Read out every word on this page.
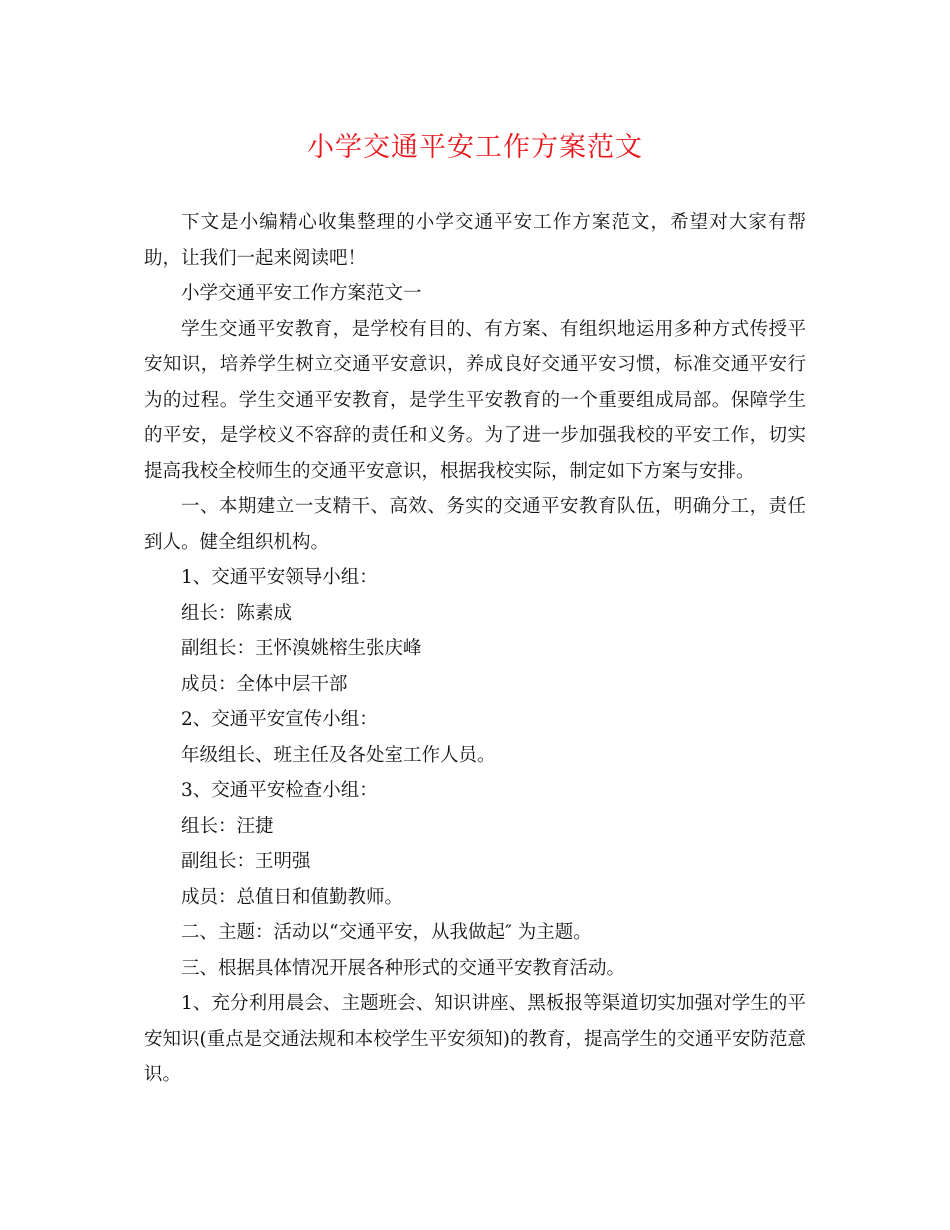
小学交通平安工作方案范文

下文是小编精心收集整理的小学交通平安工作方案范文，希望对大家有帮助，让我们一起来阅读吧！

小学交通平安工作方案范文一

学生交通平安教育，是学校有目的、有方案、有组织地运用多种方式传授平安知识，培养学生树立交通平安意识，养成良好交通平安习惯，标准交通平安行为的过程。学生交通平安教育，是学生平安教育的一个重要组成局部。保障学生的平安，是学校义不容辞的责任和义务。为了进一步加强我校的平安工作，切实提高我校全校师生的交通平安意识，根据我校实际，制定如下方案与安排。

一、本期建立一支精干、高效、务实的交通平安教育队伍，明确分工，责任到人。健全组织机构。

1、交通平安领导小组：

组长：陈素成

副组长：王怀溴姚榕生张庆峰

成员：全体中层干部

2、交通平安宣传小组：

年级组长、班主任及各处室工作人员。

3、交通平安检查小组：

组长：汪捷

副组长：王明强

成员：总值日和值勤教师。

二、主题：活动以“交通平安，从我做起″ 为主题。

三、根据具体情况开展各种形式的交通平安教育活动。

1、充分利用晨会、主题班会、知识讲座、黑板报等渠道切实加强对学生的平安知识(重点是交通法规和本校学生平安须知)的教育，提高学生的交通平安防范意识。
